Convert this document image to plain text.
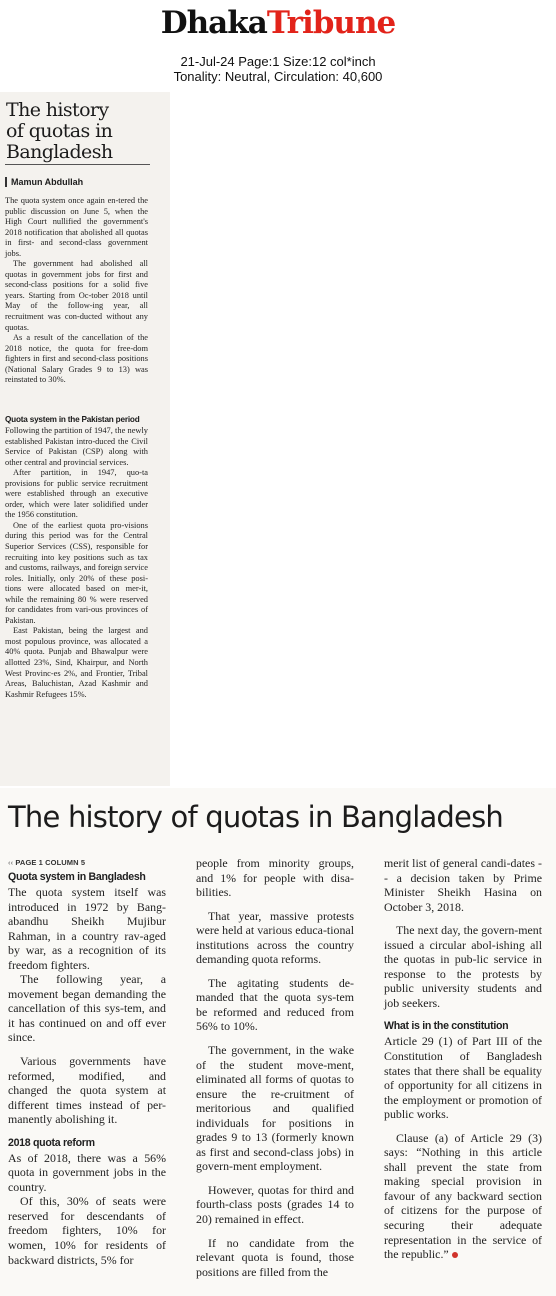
DhakaTribune
21-Jul-24 Page:1 Size:12 col*inch
Tonality: Neutral, Circulation: 40,600
The history
of quotas in
Bangladesh
Mamun Abdullah

The quota system once again en-tered the public discussion on June 5, when the High Court nullified the government's 2018 notification that abolished all quotas in first- and second-class government jobs.

The government had abolished all quotas in government jobs for first and second-class positions for a solid five years. Starting from Oc-tober 2018 until May of the follow-ing year, all recruitment was con-ducted without any quotas.

As a result of the cancellation of the 2018 notice, the quota for free-dom fighters in first and second-class positions (National Salary Grades 9 to 13) was reinstated to 30%.

Quota system in the Pakistan period

Following the partition of 1947, the newly established Pakistan intro-duced the Civil Service of Pakistan (CSP) along with other central and provincial services.

After partition, in 1947, quo-ta provisions for public service recruitment were established through an executive order, which were later solidified under the 1956 constitution.

One of the earliest quota pro-visions during this period was for the Central Superior Services (CSS), responsible for recruiting into key positions such as tax and customs, railways, and foreign service roles. Initially, only 20% of these posi-tions were allocated based on mer-it, while the remaining 80 % were reserved for candidates from vari-ous provinces of Pakistan.

East Pakistan, being the largest and most populous province, was allocated a 40% quota. Punjab and Bhawalpur were allotted 23%, Sind, Khairpur, and North West Provinc-es 2%, and Frontier, Tribal Areas, Baluchistan, Azad Kashmir and Kashmir Refugees 15%.

The history of quotas in Bangladesh
‹‹ PAGE 1 COLUMN 5

Quota system in Bangladesh

The quota system itself was introduced in 1972 by Bang-abandhu Sheikh Mujibur Rahman, in a country rav-aged by war, as a recognition of its freedom fighters.

The following year, a movement began demanding the cancellation of this sys-tem, and it has continued on and off ever since.

Various governments have reformed, modified, and changed the quota system at different times instead of per-manently abolishing it.

2018 quota reform

As of 2018, there was a 56% quota in government jobs in the country.

Of this, 30% of seats were reserved for descendants of freedom fighters, 10% for women, 10% for residents of backward districts, 5% for

people from minority groups, and 1% for people with disa-bilities.

That year, massive protests were held at various educa-tional institutions across the country demanding quota reforms.

The agitating students de-manded that the quota sys-tem be reformed and reduced from 56% to 10%.

The government, in the wake of the student move-ment, eliminated all forms of quotas to ensure the re-cruitment of meritorious and qualified individuals for positions in grades 9 to 13 (formerly known as first and second-class jobs) in govern-ment employment.

However, quotas for third and fourth-class posts (grades 14 to 20) remained in effect.

If no candidate from the relevant quota is found, those positions are filled from the

merit list of general candi-dates -- a decision taken by Prime Minister Sheikh Hasina on October 3, 2018.

The next day, the govern-ment issued a circular abol-ishing all the quotas in pub-lic service in response to the protests by public university students and job seekers.

What is in the constitution

Article 29 (1) of Part III of the Constitution of Bangladesh states that there shall be equality of opportunity for all citizens in the employment or promotion of public works.

Clause (a) of Article 29 (3) says: “Nothing in this article shall prevent the state from making special provision in favour of any backward section of citizens for the purpose of securing their adequate representation in the service of the republic.”
